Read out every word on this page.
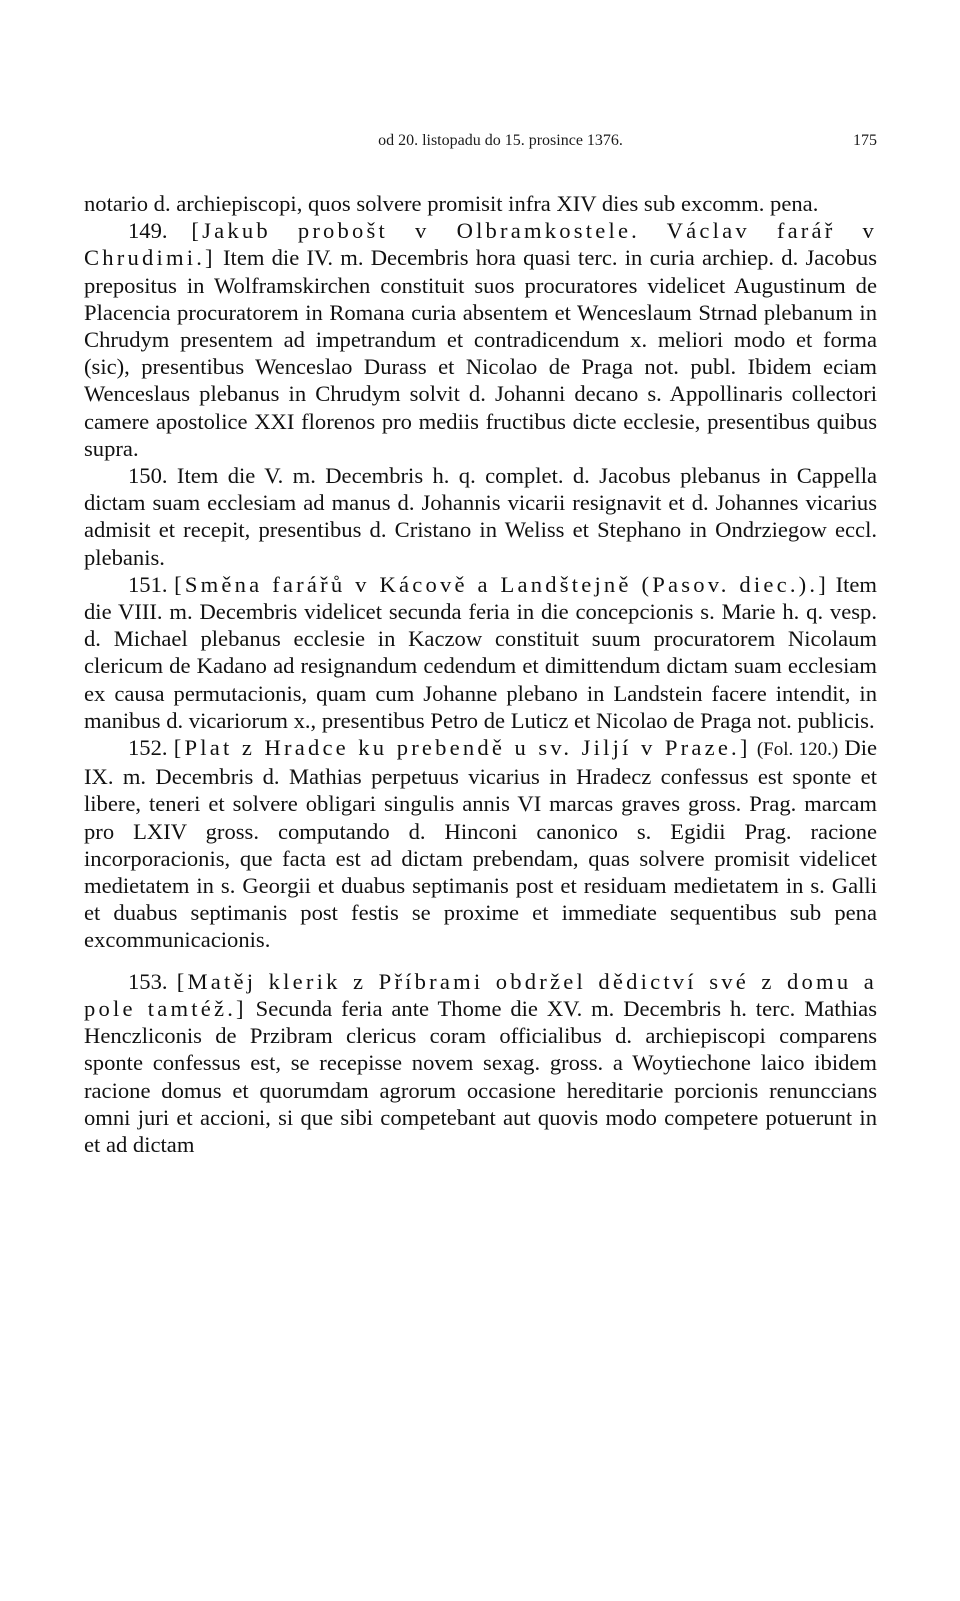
od 20. listopadu do 15. prosince 1376.	175

notario d. archiepiscopi, quos solvere promisit infra XIV dies sub excomm. pena.

149. [Jakub probošt v Olbramkostele. Václav farář v Chrudimi.] Item die IV. m. Decembris hora quasi terc. in curia archiep. d. Jacobus prepositus in Wolframskirchen constituit suos procuratores videlicet Augustinum de Placencia procuratorem in Romana curia absentem et Wenceslaum Strnad plebanum in Chrudym presentem ad impetrandum et contradicendum x. meliori modo et forma (sic), presentibus Wenceslao Durass et Nicolao de Praga not. publ. Ibidem eciam Wenceslaus plebanus in Chrudym solvit d. Johanni decano s. Appollinaris collectori camere apostolice XXI florenos pro mediis fructibus dicte ecclesie, presentibus quibus supra.

150. Item die V. m. Decembris h. q. complet. d. Jacobus plebanus in Cappella dictam suam ecclesiam ad manus d. Johannis vicarii resignavit et d. Johannes vicarius admisit et recepit, presentibus d. Cristano in Weliss et Stephano in Ondrziegow eccl. plebanis.

151. [Směna farářů v Kácově a Landštejně (Pasov. diec.).] Item die VIII. m. Decembris videlicet secunda feria in die concepcionis s. Marie h. q. vesp. d. Michael plebanus ecclesie in Kaczow constituit suum procuratorem Nicolaum clericum de Kadano ad resignandum cedendum et dimittendum dictam suam ecclesiam ex causa permutacionis, quam cum Johanne plebano in Landstein facere intendit, in manibus d. vicariorum x., presentibus Petro de Luticz et Nicolao de Praga not. publicis.

152. [Plat z Hradce ku prebendě u sv. Jiljí v Praze.] (Fol. 120.) Die IX. m. Decembris d. Mathias perpetuus vicarius in Hradecz confessus est sponte et libere, teneri et solvere obligari singulis annis VI marcas graves gross. Prag. marcam pro LXIV gross. computando d. Hinconi canonico s. Egidii Prag. racione incorporacionis, que facta est ad dictam prebendam, quas solvere promisit videlicet medietatem in s. Georgii et duabus septimanis post et residuam medietatem in s. Galli et duabus septimanis post festis se proxime et immediate sequentibus sub pena excommunicacionis.

153. [Matěj klerik z Příbrami obdržel dědictví své z domu a pole tamtéž.] Secunda feria ante Thome die XV. m. Decembris h. terc. Mathias Henczliconis de Przibram clericus coram officialibus d. archiepiscopi comparens sponte confessus est, se recepisse novem sexag. gross. a Woytiechone laico ibidem racione domus et quorumdam agrorum occasione hereditarie porcionis renunccians omni juri et accioni, si que sibi competebant aut quovis modo competere potuerunt in et ad dictam
